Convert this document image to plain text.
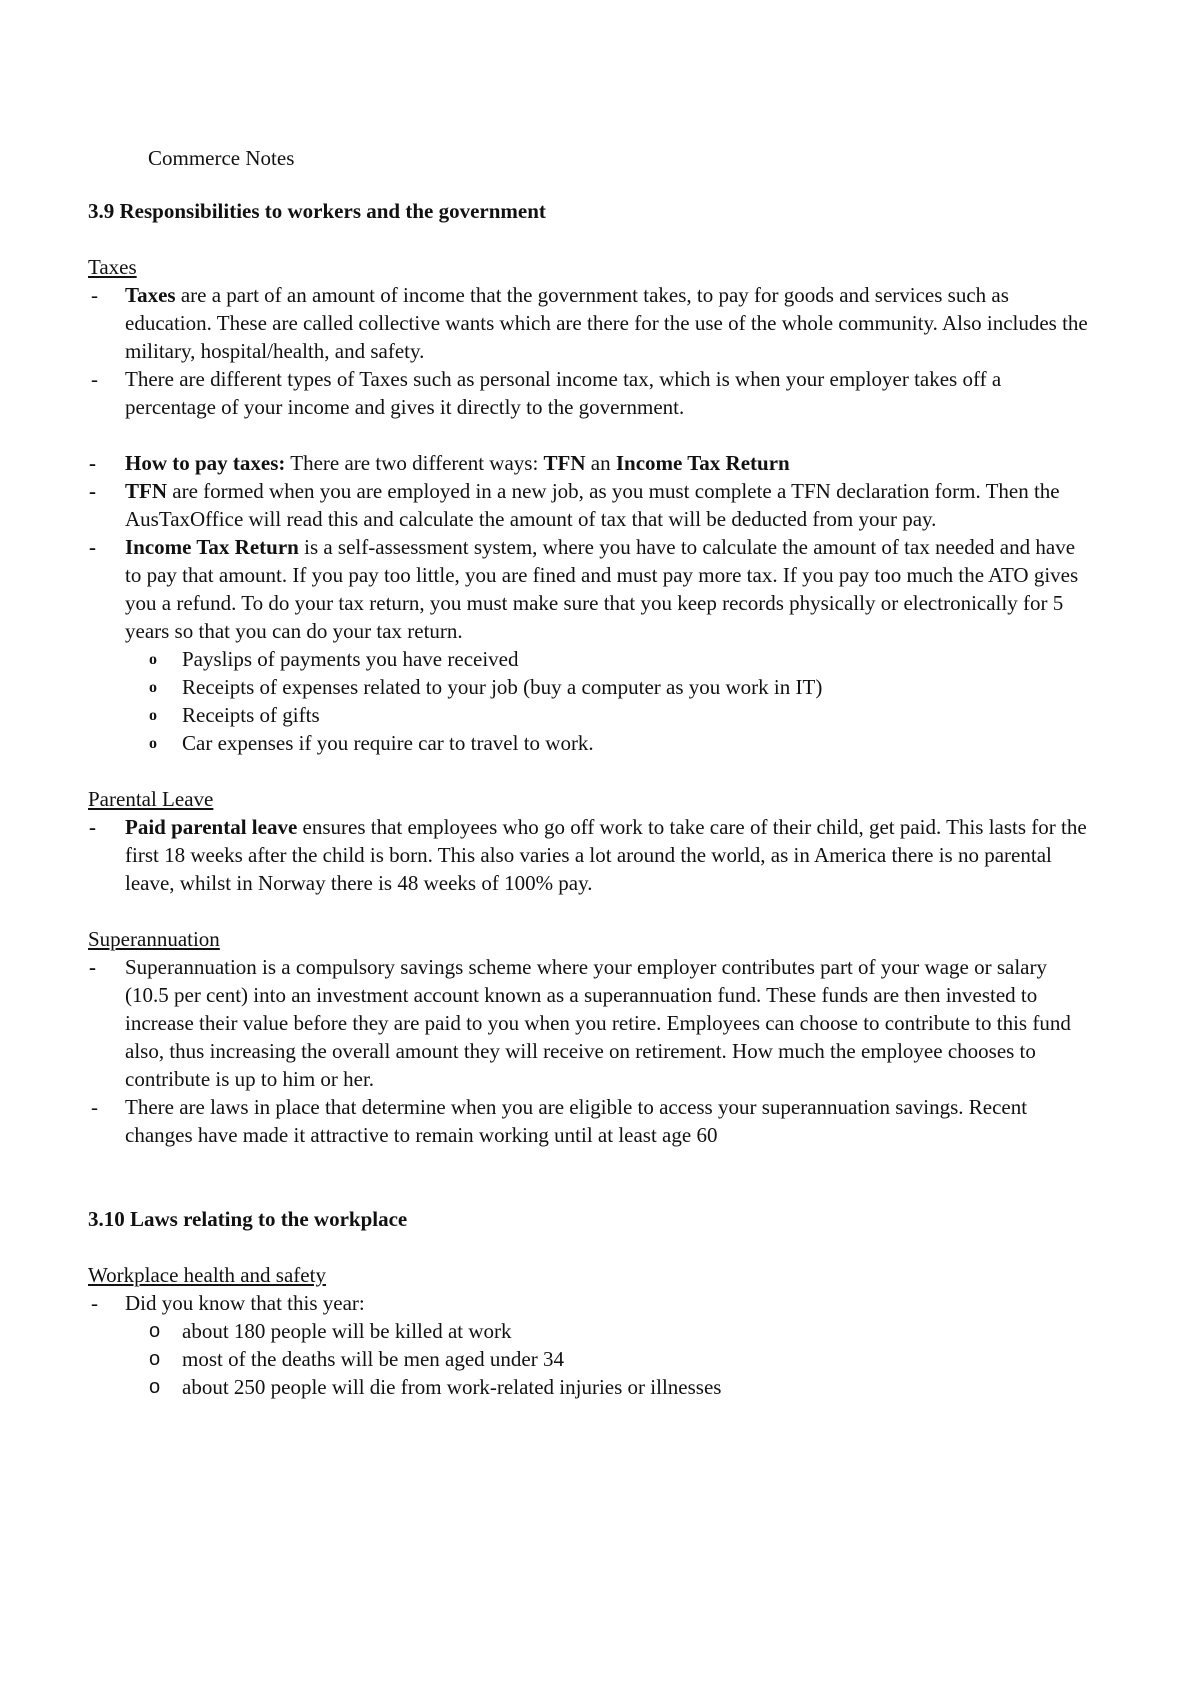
Commerce Notes
3.9 Responsibilities to workers and the government
Taxes
- Taxes are a part of an amount of income that the government takes, to pay for goods and services such as education. These are called collective wants which are there for the use of the whole community. Also includes the military, hospital/health, and safety.
- There are different types of Taxes such as personal income tax, which is when your employer takes off a percentage of your income and gives it directly to the government.
- How to pay taxes: There are two different ways: TFN an Income Tax Return
- TFN are formed when you are employed in a new job, as you must complete a TFN declaration form. Then the AusTaxOffice will read this and calculate the amount of tax that will be deducted from your pay.
- Income Tax Return is a self-assessment system, where you have to calculate the amount of tax needed and have to pay that amount. If you pay too little, you are fined and must pay more tax. If you pay too much the ATO gives you a refund. To do your tax return, you must make sure that you keep records physically or electronically for 5 years so that you can do your tax return.
o Payslips of payments you have received
o Receipts of expenses related to your job (buy a computer as you work in IT)
o Receipts of gifts
o Car expenses if you require car to travel to work.
Parental Leave
- Paid parental leave ensures that employees who go off work to take care of their child, get paid. This lasts for the first 18 weeks after the child is born. This also varies a lot around the world, as in America there is no parental leave, whilst in Norway there is 48 weeks of 100% pay.
Superannuation
- Superannuation is a compulsory savings scheme where your employer contributes part of your wage or salary (10.5 per cent) into an investment account known as a superannuation fund. These funds are then invested to increase their value before they are paid to you when you retire. Employees can choose to contribute to this fund also, thus increasing the overall amount they will receive on retirement. How much the employee chooses to contribute is up to him or her.
- There are laws in place that determine when you are eligible to access your superannuation savings. Recent changes have made it attractive to remain working until at least age 60
3.10 Laws relating to the workplace
Workplace health and safety
- Did you know that this year:
o about 180 people will be killed at work
o most of the deaths will be men aged under 34
o about 250 people will die from work-related injuries or illnesses
